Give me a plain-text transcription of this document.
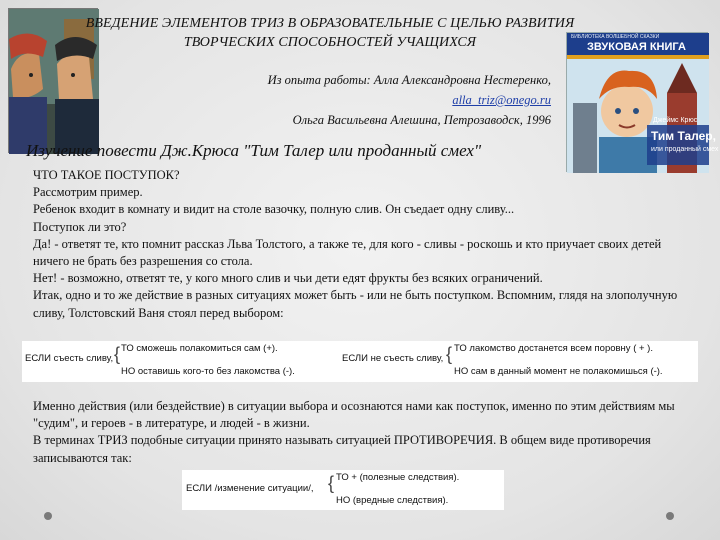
ВВЕДЕНИЕ ЭЛЕМЕНТОВ ТРИЗ В ОБРАЗОВАТЕЛЬНЫЕ С ЦЕЛЬЮ РАЗВИТИЯ ТВОРЧЕСКИХ СПОСОБНОСТЕЙ УЧАЩИХСЯ
Из опыта работы: Алла Александровна Нестеренко,
alla_triz@onego.ru
Ольга Васильевна Алешина, Петрозаводск, 1996
БИБЛИОТЕКА ВОЛШЕБНОЙ СКАЗКИ
ЗВУКОВАЯ КНИГА
Джеймс Крюс
Тим Талер,
или проданный смех
Изучение повести Дж.Крюса "Тим Талер или проданный смех"

ЧТО ТАКОЕ ПОСТУПОК?

Рассмотрим пример.

Ребенок входит в комнату и видит на столе вазочку, полную слив. Он съедает одну сливу...

Поступок ли это?

Да! - ответят те, кто помнит рассказ Льва Толстого, а также те, для кого - сливы - роскошь и кто приучает своих детей ничего не брать без разрешения со стола.

Нет! - возможно, ответят те, у кого много слив и чьи дети едят фрукты без всяких ограничений.

Итак, одно и то же действие в разных ситуациях может быть - или не быть поступком. Вспомним, глядя на злополучную сливу, Толстовский Ваня стоял перед выбором:

ЕСЛИ съесть сливу, { ТО сможешь полакомиться сам (+).
НО оставишь кого-то без лакомства (-).
ЕСЛИ не съесть сливу, { ТО лакомство достанется всем поровну ( + ).
НО сам в данный момент не полакомишься (-).

Именно действия (или бездействие) в ситуации выбора и осознаются нами как поступок, именно по этим действиям мы "судим", и героев - в литературе, и людей - в жизни.

В терминах ТРИЗ подобные ситуации принято называть ситуацией ПРОТИВОРЕЧИЯ. В общем виде противоречия записываются так:

ЕСЛИ /изменение ситуации/, { ТО + (полезные следствия).
НО (вредные следствия).
